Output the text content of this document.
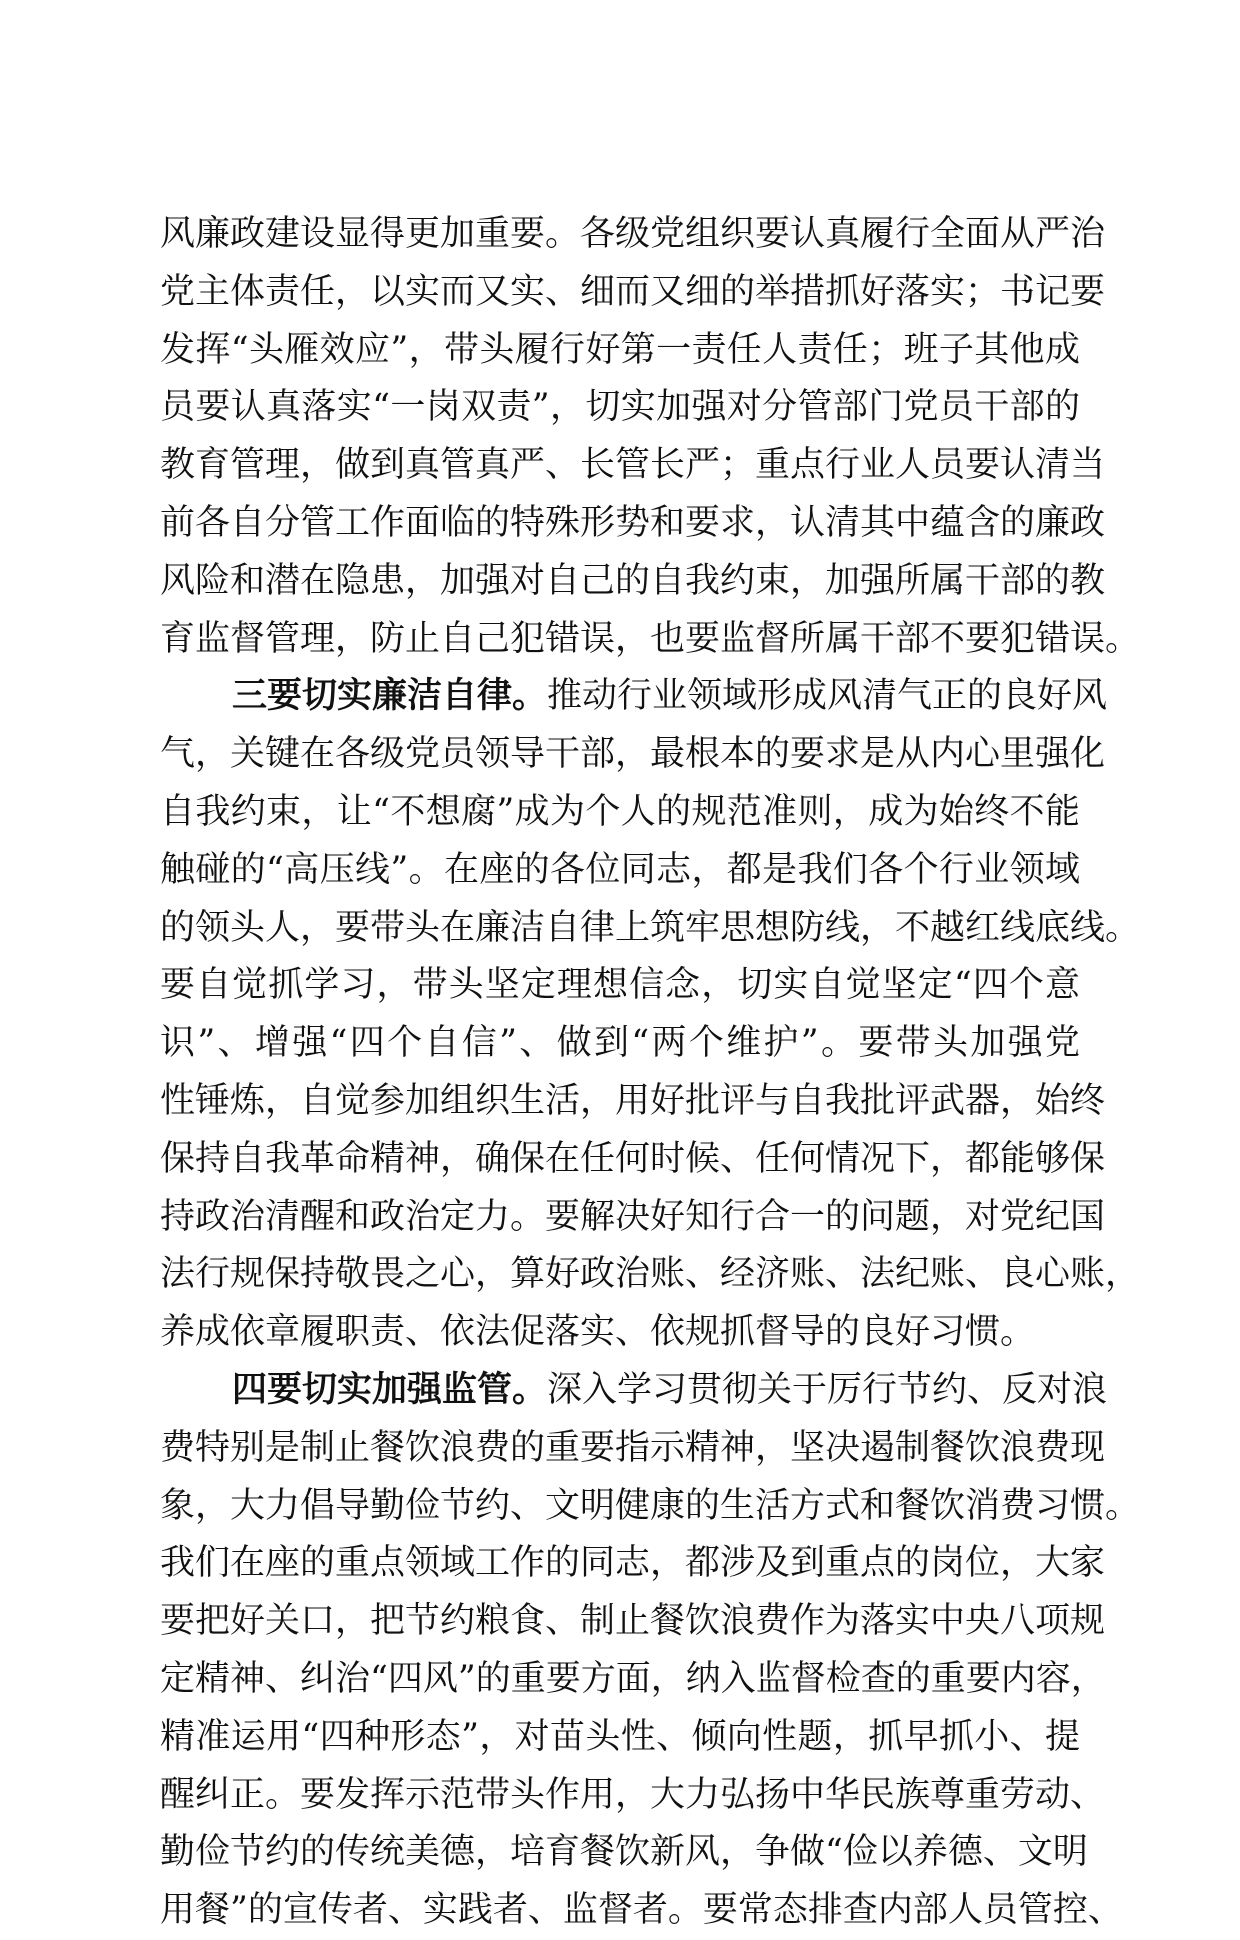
风廉政建设显得更加重要。各级党组织要认真履行全面从严治
党主体责任，以实而又实、细而又细的举措抓好落实；书记要
发挥“头雁效应”，带头履行好第一责任人责任；班子其他成
员要认真落实“一岗双责”，切实加强对分管部门党员干部的
教育管理，做到真管真严、长管长严；重点行业人员要认清当
前各自分管工作面临的特殊形势和要求，认清其中蕴含的廉政
风险和潜在隐患，加强对自己的自我约束，加强所属干部的教
育监督管理，防止自己犯错误，也要监督所属干部不要犯错误。
三要切实廉洁自律。推动行业领域形成风清气正的良好风
气，关键在各级党员领导干部，最根本的要求是从内心里强化
自我约束，让“不想腐”成为个人的规范准则，成为始终不能
触碰的“高压线”。在座的各位同志，都是我们各个行业领域
的领头人，要带头在廉洁自律上筑牢思想防线，不越红线底线。
要自觉抓学习，带头坚定理想信念，切实自觉坚定“四个意
识”、增强“四个自信”、做到“两个维护”。要带头加强党
性锤炼，自觉参加组织生活，用好批评与自我批评武器，始终
保持自我革命精神，确保在任何时候、任何情况下，都能够保
持政治清醒和政治定力。要解决好知行合一的问题，对党纪国
法行规保持敬畏之心，算好政治账、经济账、法纪账、良心账，
养成依章履职责、依法促落实、依规抓督导的良好习惯。
四要切实加强监管。深入学习贯彻关于厉行节约、反对浪
费特别是制止餐饮浪费的重要指示精神，坚决遏制餐饮浪费现
象，大力倡导勤俭节约、文明健康的生活方式和餐饮消费习惯。
我们在座的重点领域工作的同志，都涉及到重点的岗位，大家
要把好关口，把节约粮食、制止餐饮浪费作为落实中央八项规
定精神、纠治“四风”的重要方面，纳入监督检查的重要内容，
精准运用“四种形态”，对苗头性、倾向性题，抓早抓小、提
醒纠正。要发挥示范带头作用，大力弘扬中华民族尊重劳动、
勤俭节约的传统美德，培育餐饮新风，争做“俭以养德、文明
用餐”的宣传者、实践者、监督者。要常态排查内部人员管控、
